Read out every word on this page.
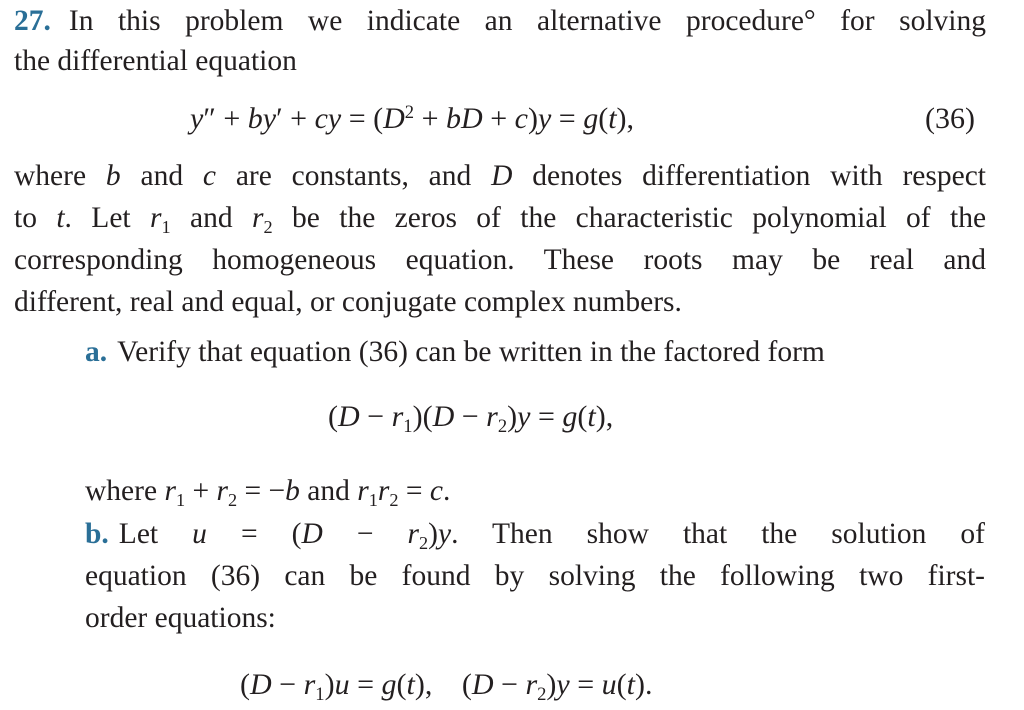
27. In this problem we indicate an alternative procedure° for solving
the differential equation
y″ + by′ + cy = ($D^2$ + bD + c)y = g(t),	(36)
where b and c are constants, and D denotes differentiation with respect
to t. Let $r_1$ and $r_2$ be the zeros of the characteristic polynomial of the
corresponding homogeneous equation. These roots may be real and
different, real and equal, or conjugate complex numbers.
a. Verify that equation (36) can be written in the factored form
$(D - r_1)(D - r_2)y = g(t)$,
where $r_1 + r_2 = -b$ and $r_1r_2 = c$.
b. Let $u = (D - r_2)y$. Then show that the solution of
equation (36) can be found by solving the following two first-
order equations:
$(D - r_1)u = g(t)$, $(D - r_2)y = u(t)$.
